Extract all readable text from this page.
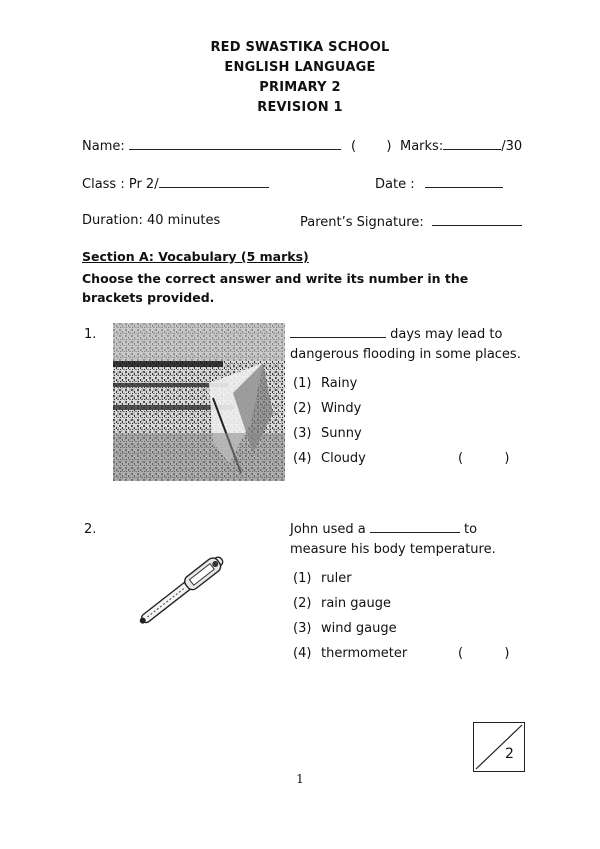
RED SWASTIKA SCHOOL
ENGLISH LANGUAGE
PRIMARY 2
REVISION 1
Name:	( ) Marks:	/30
Class : Pr 2/	Date :
Duration: 40 minutes	Parent’s Signature:
Section A: Vocabulary (5 marks)
Choose the correct answer and write its number in the brackets provided.
1.	days may lead to
dangerous flooding in some places.
(1) Rainy
(2) Windy
(3) Sunny
(4) Cloudy	(          )
2.	John used a	to
measure his body temperature.
(1) ruler
(2) rain gauge
(3) wind gauge
(4) thermometer	(          )
2
1
